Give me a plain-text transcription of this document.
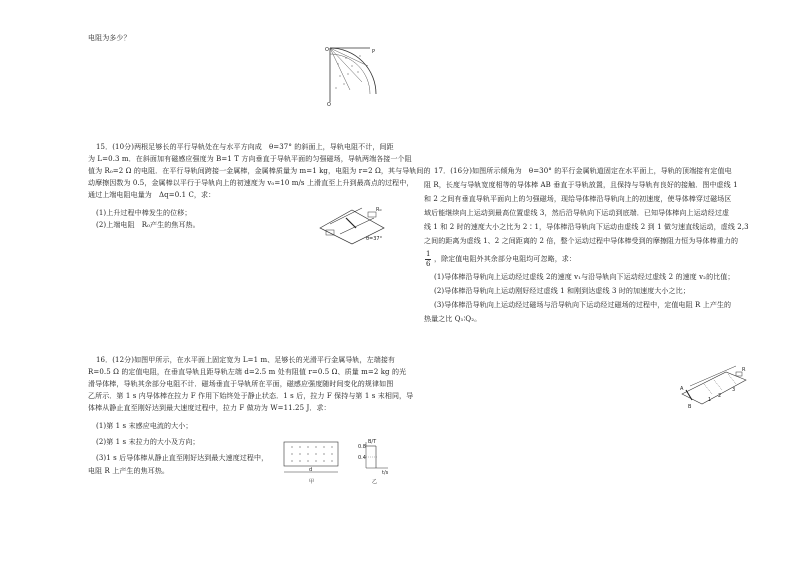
电阻为多少？
O	P
Q
15．(10分)两根足够长的平行导轨处在与水平方向成　θ=37° 的斜面上，导轨电阻不计，间距
为 L=0.3 m．在斜面加有磁感应强度为 B=1 T 方向垂直于导轨平面的匀强磁场，导轨两端各接一个阻
值为 R₀=2 Ω 的电阻．在平行导轨间跨接一金属棒，金属棒质量为 m=1 kg，电阻为 r=2 Ω，其与导轨间的
动摩擦因数为 0.5，金属棒以平行于导轨向上的初速度为 v₀=10 m/s 上滑直至上升到最高点的过程中，
通过上端电阻电量为　Δq=0.1 C，求：
(1)上升过程中棒发生的位移；
(2)上端电阻　R₀产生的焦耳热。
R₀
θ=37°
16．(12分)如图甲所示，在水平面上固定宽为 L=1 m、足够长的光滑平行金属导轨，左端接有
R=0.5 Ω 的定值电阻，在垂直导轨且距导轨左端 d=2.5 m 处有阻值 r=0.5 Ω、质量 m=2 kg 的光
滑导体棒，导轨其余部分电阻不计．磁场垂直于导轨所在平面，磁感应强度随时间变化的规律如图
乙所示．第 1 s 内导体棒在拉力 F 作用下始终处于静止状态．1 s 后，拉力 F 保持与第 1 s 末相同，导
体棒从静止直至刚好达到最大速度过程中，拉力 F 做功为 W=11.25 J．求：
(1)第 1 s 末感应电流的大小；
(2)第 1 s 末拉力的大小及方向；
(3)1 s 后导体棒从静止直至刚好达到最大速度过程中，
电阻 R 上产生的焦耳热。	d
甲
B/T
0.8
0.4
t/s
乙
17．(16分)如图所示倾角为　θ=30° 的平行金属轨道固定在水平面上，导轨的顶端接有定值电
阻 R，长度与导轨宽度相等的导体棒 AB 垂直于导轨放置，且保持与导轨有良好的接触．图中虚线 1
和 2 之间有垂直导轨平面向上的匀强磁场，现给导体棒沿导轨向上的初速度，使导体棒穿过磁场区
域后能继续向上运动到最高位置虚线 3，然后沿导轨向下运动到底端．已知导体棒向上运动经过虚
线 1 和 2 时的速度大小之比为 2∶1，导体棒沿导轨向下运动由虚线 2 到 1 做匀速直线运动，虚线 2,3
之间的距离为虚线 1、2 之间距离的 2 倍，整个运动过程中导体棒受到的摩擦阻力恒为导体棒重力的
1
6
，除定值电阻外其余部分电阻均可忽略，求：
(1)导体棒沿导轨向上运动经过虚线 2的速度 v₁与沿导轨向下运动经过虚线 2 的速度 v₂的比值；
(2)导体棒沿导轨向上运动刚好经过虚线 1 和刚到达虚线 3 时的加速度大小之比；
(3)导体棒沿导轨向上运动经过磁场与沿导轨向下运动经过磁场的过程中，定值电阻 R 上产生的
热量之比 Q₁∶Q₂。
A
B
1
2
3
R
